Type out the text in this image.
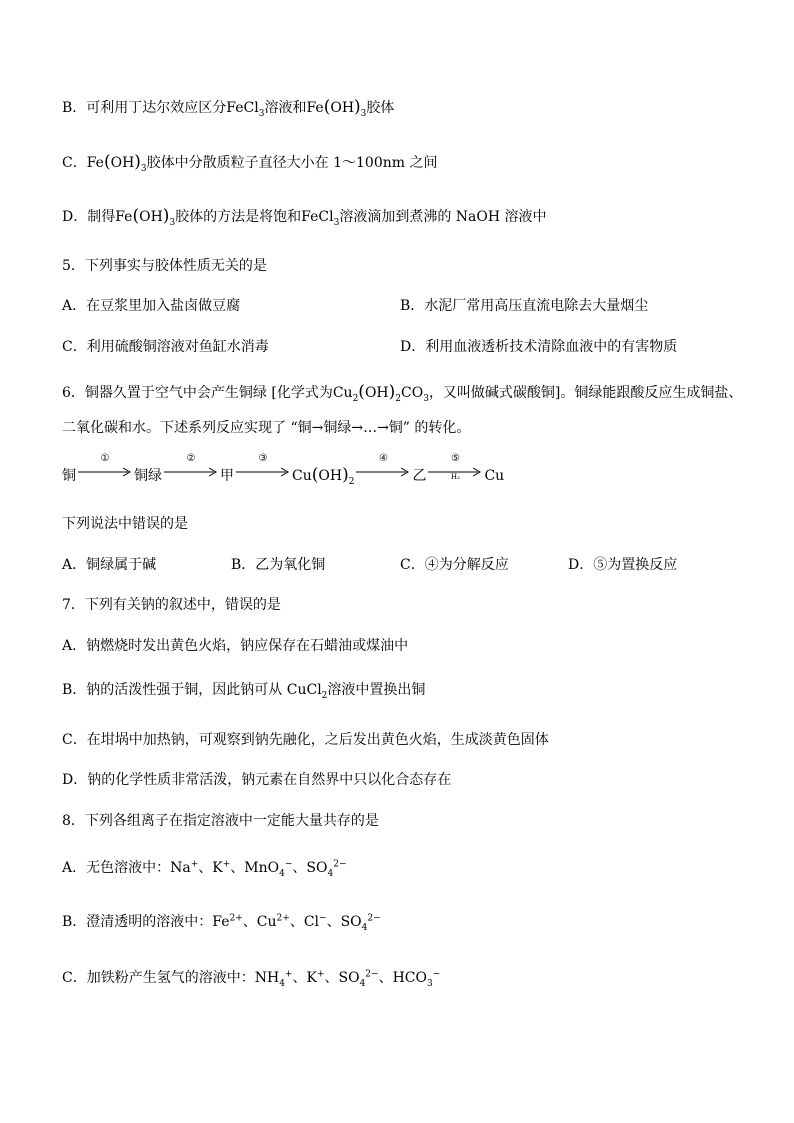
B．可利用丁达尔效应区分FeCl$_3$溶液和$Fe(OH)_3$胶体
C．$Fe(OH)_3$胶体中分散质粒子直径大小在 1～100nm 之间
D．制得$Fe(OH)_3$胶体的方法是将饱和FeCl$_3$溶液滴加到煮沸的 NaOH 溶液中
5．下列事实与胶体性质无关的是
A．在豆浆里加入盐卤做豆腐	B．水泥厂常用高压直流电除去大量烟尘
C．利用硫酸铜溶液对鱼缸水消毒	D．利用血液透析技术清除血液中的有害物质
6．铜器久置于空气中会产生铜绿 [化学式为$Cu_2(OH)_2CO_3$，又叫做碱式碳酸铜]。铜绿能跟酸反应生成铜盐、
二氧化碳和水。下述系列反应实现了 “铜→铜绿→…→铜” 的转化。
铜
①
铜绿
②
甲
③
$Cu(OH)_2$
④
乙
⑤
H₂	Cu
下列说法中错误的是
A．铜绿属于碱	B．乙为氧化铜	C．④为分解反应	D．⑤为置换反应
7．下列有关钠的叙述中，错误的是
A．钠燃烧时发出黄色火焰，钠应保存在石蜡油或煤油中
B．钠的活泼性强于铜，因此钠可从 CuCl$_2$溶液中置换出铜
C．在坩埚中加热钠，可观察到钠先融化，之后发出黄色火焰，生成淡黄色固体
D．钠的化学性质非常活泼，钠元素在自然界中只以化合态存在
8．下列各组离子在指定溶液中一定能大量共存的是
A．无色溶液中：Na+、K+、MnO$_4$−、$SO_4^{2-}$
B．澄清透明的溶液中：$Fe^{2+}$、$Cu^{2+}$、Cl−、$SO_4^{2-}$
C．加铁粉产生氢气的溶液中：$NH_4^+$、K+、$SO_4^{2-}$、$HCO_3^-$
